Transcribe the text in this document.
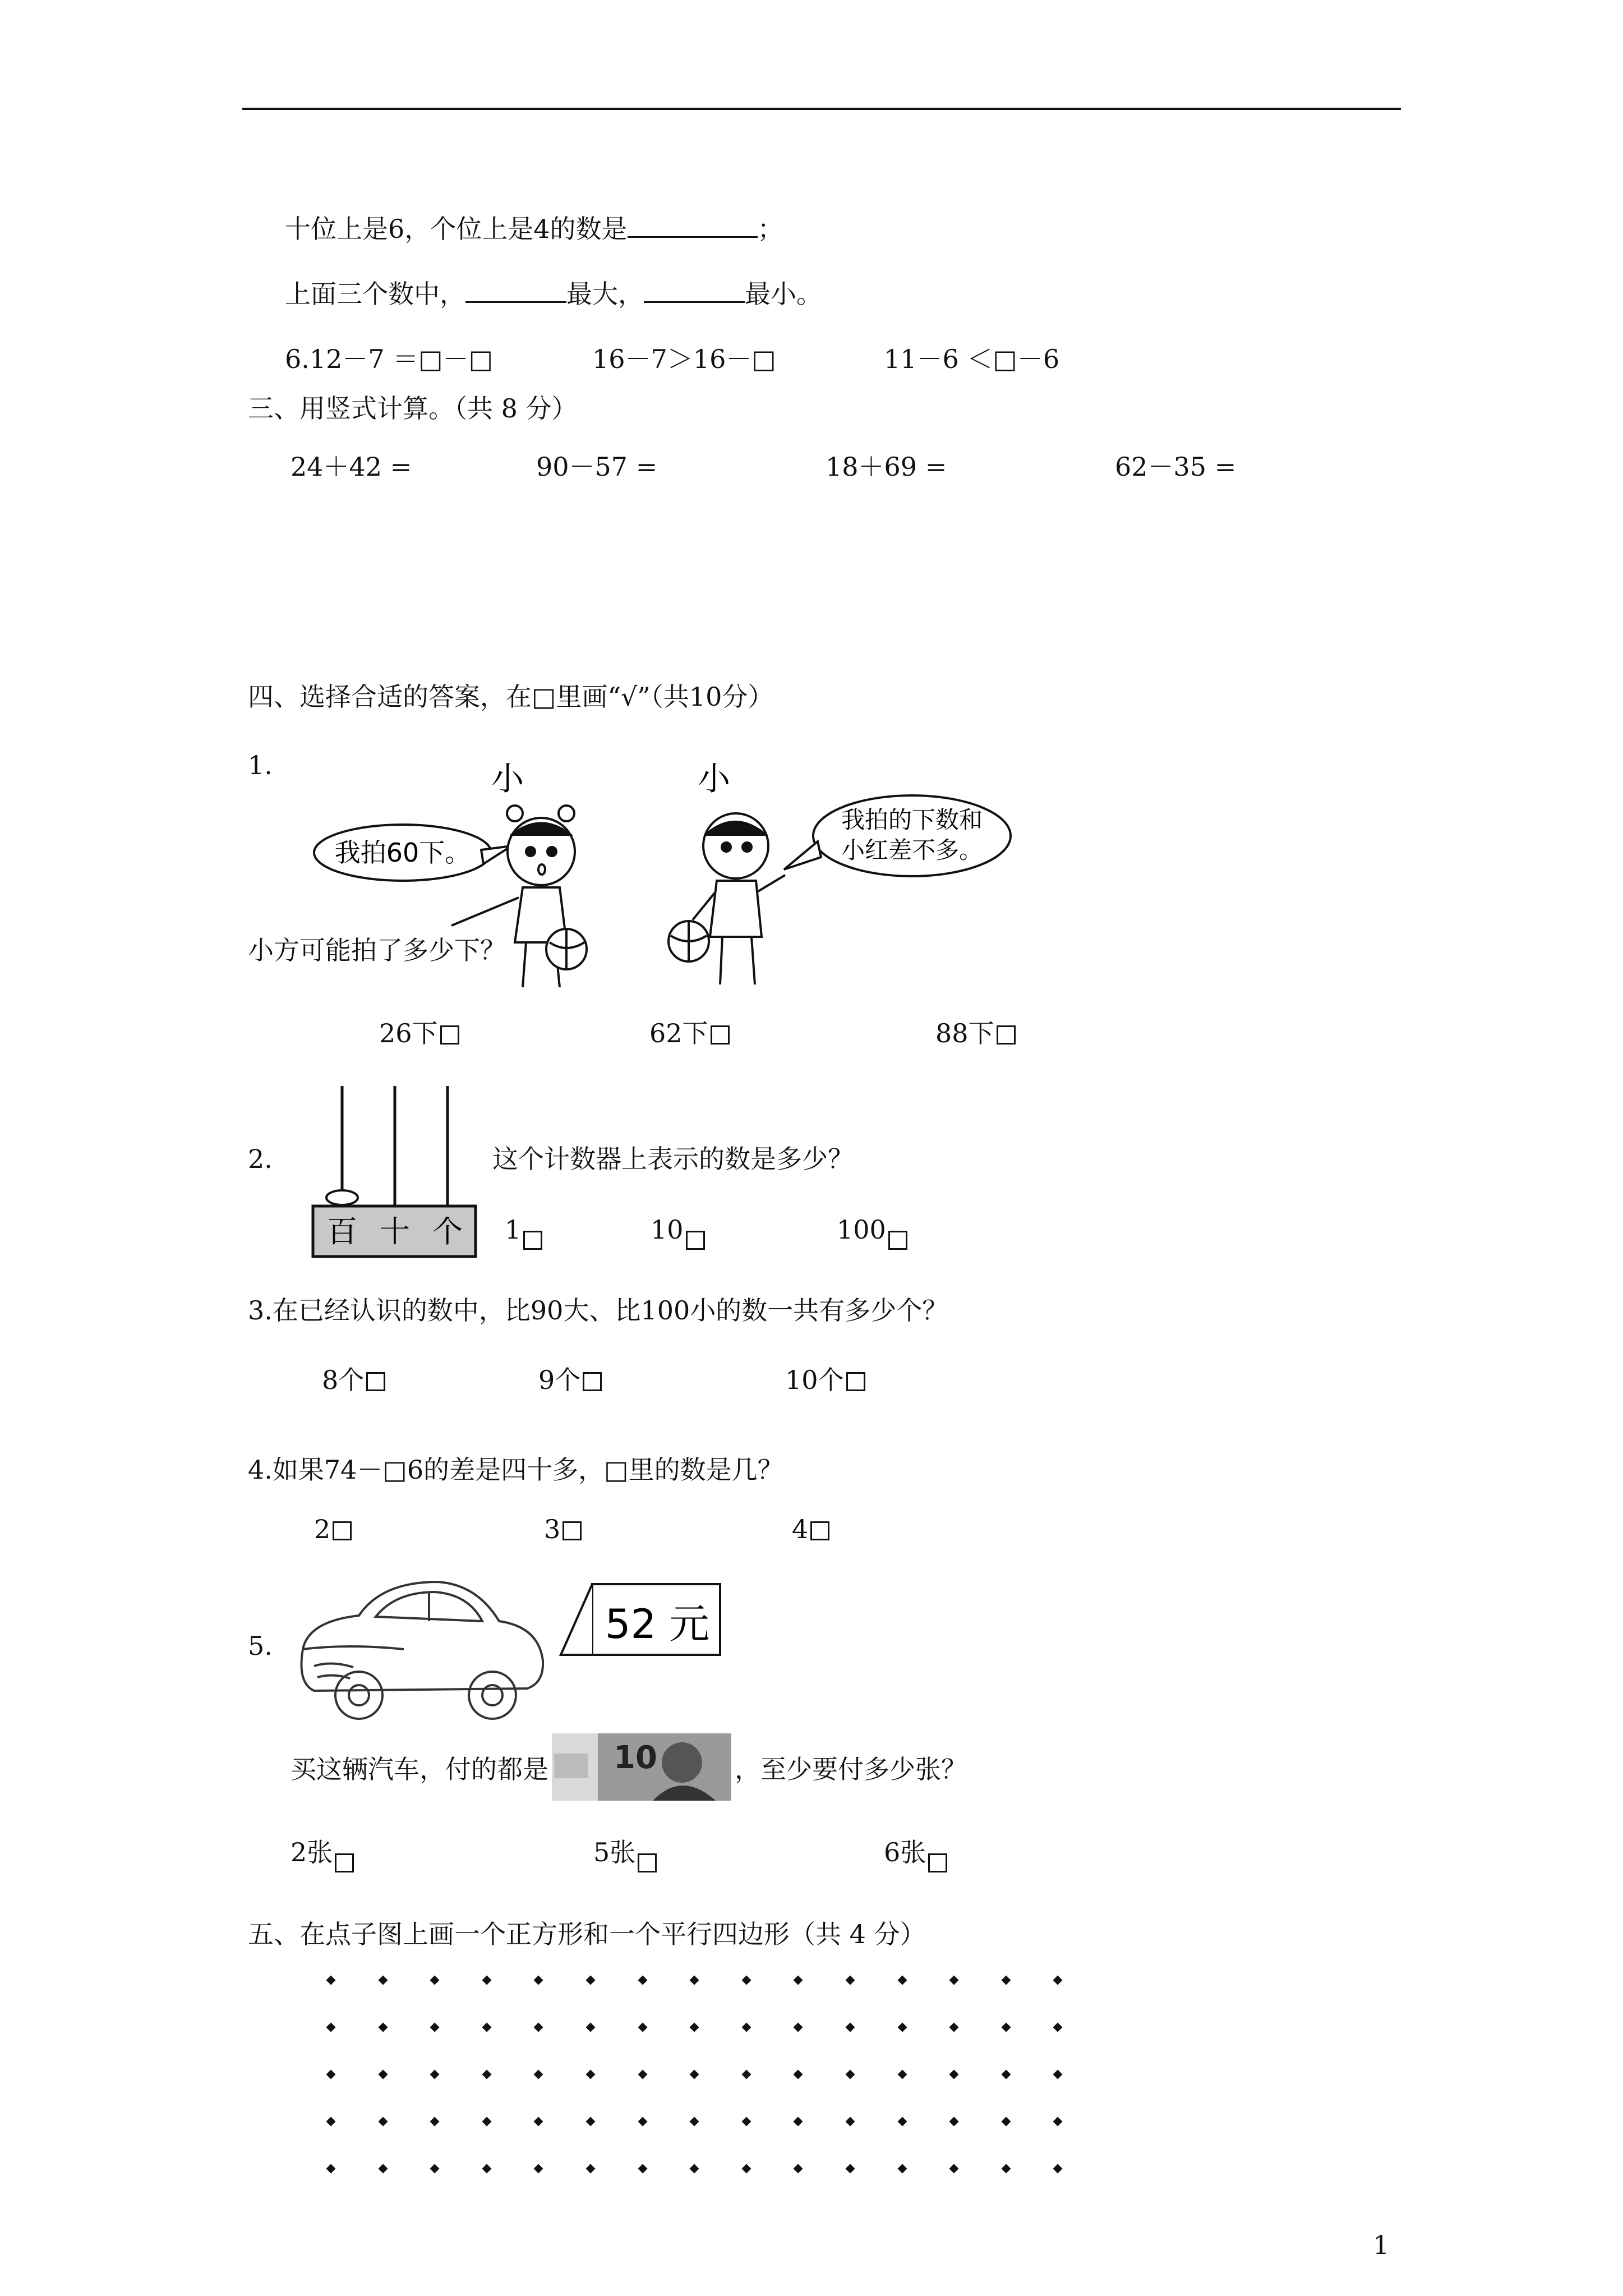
十位上是6，个位上是4的数是	；
上面三个数中，	最大，	最小。
6.12－7 ＝□－□	16－7＞16－□	11－6 ＜□－6
三、用竖式计算。（共 8 分）
24＋42 =	90－57 =	18＋69 =	62－35 =
四、选择合适的答案，在□里画“√”（共10分）
1.
我拍60下。
小	小
我拍的下数和
小红差不多。
小方可能拍了多少下？
26下	62下	88下
2.
百 十 个
这个计数器上表示的数是多少？
1	10	100
3.在已经认识的数中，比90大、比100小的数一共有多少个？
8个	9个	10个
4.如果74－□6的差是四十多，□里的数是几？
2	3	4
5.	52 元
买这辆汽车，付的都是 10	，至少要付多少张？
2张	5张	6张
五、在点子图上画一个正方形和一个平行四边形（共 4 分）
1
